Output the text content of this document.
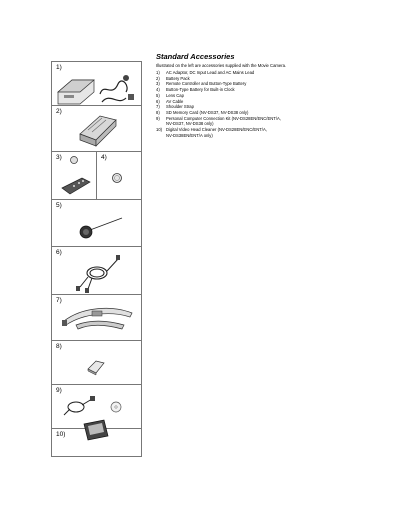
1)
2)
3)	4)
5)
6)
7)
8)
9)
10)
Standard Accessories

Illustrated on the left are accessories supplied with the Movie Camera.

1)	AC Adaptor, DC Input Lead and AC Mains Lead
2)	Battery Pack
3)	Remote Controller and Button-Type Battery
4)	Button-Type Battery for Built-in Clock
5)	Lens Cap
6)	AV Cable
7)	Shoulder Strap
8)	SD Memory Card (NV-DS37, NV-DS38 only)
9)	Personal Computer Connection Kit (NV-DS28EN/ENC/ENT/A,
NV-DS37, NV-DS38 only)
10) Digital Video Head Cleaner (NV-DS28EN/ENC/ENT/A,
NV-DS38EN/ENT/A only)
